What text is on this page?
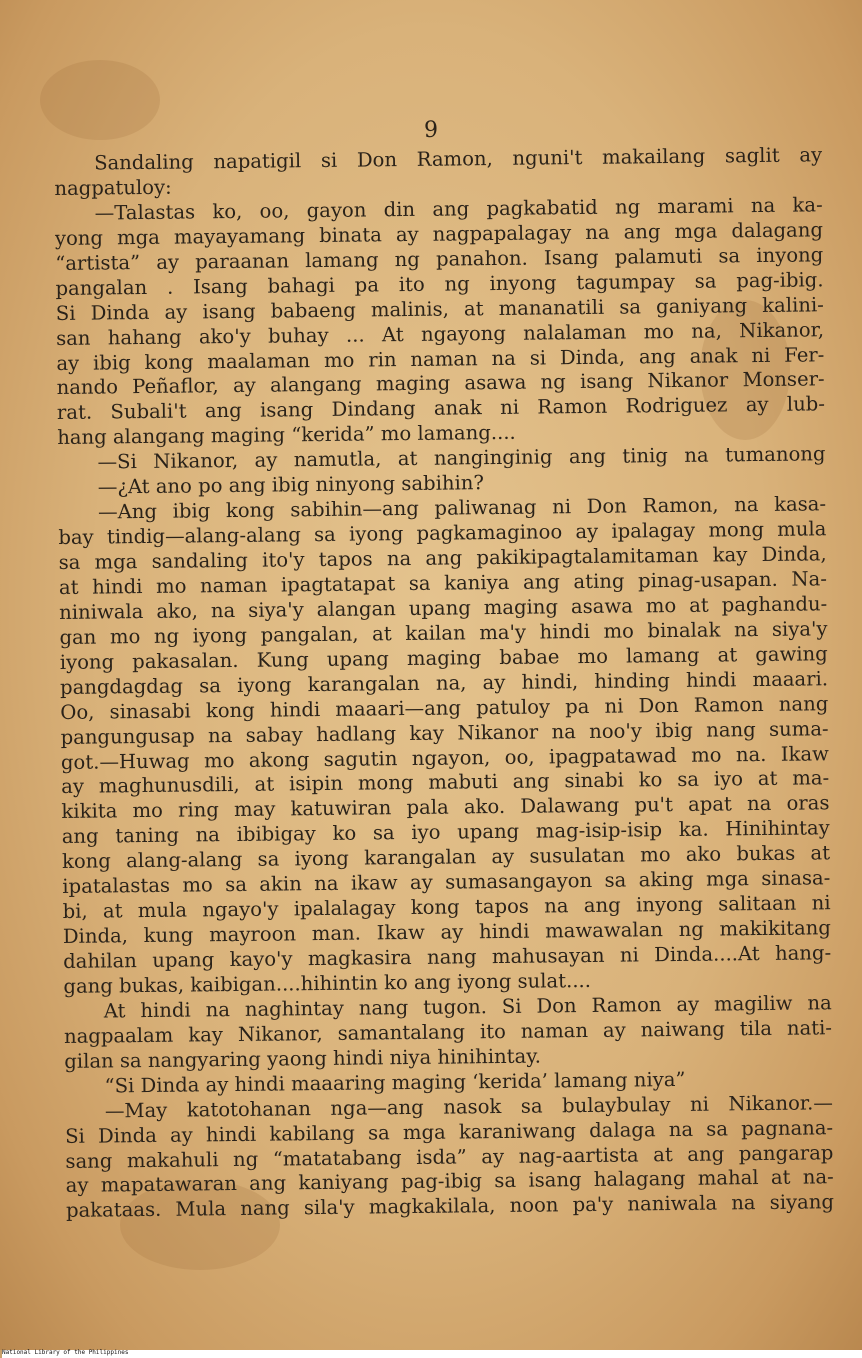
9
Sandaling napatigil si Don Ramon, nguni't makailang saglit ay
nagpatuloy:
—Talastas ko, oo, gayon din ang pagkabatid ng marami na ka-
yong mga mayayamang binata ay nagpapalagay na ang mga dalagang
“artista” ay paraanan lamang ng panahon. Isang palamuti sa inyong
pangalan . Isang bahagi pa ito ng inyong tagumpay sa pag-ibig.
Si Dinda ay isang babaeng malinis, at mananatili sa ganiyang kalini-
san hahang ako'y buhay ... At ngayong nalalaman mo na, Nikanor,
ay ibig kong maalaman mo rin naman na si Dinda, ang anak ni Fer-
nando Peñaflor, ay alangang maging asawa ng isang Nikanor Monser-
rat. Subali't ang isang Dindang anak ni Ramon Rodriguez ay lub-
hang alangang maging “kerida” mo lamang....
—Si Nikanor, ay namutla, at nanginginig ang tinig na tumanong
—¿At ano po ang ibig ninyong sabihin?
—Ang ibig kong sabihin—ang paliwanag ni Don Ramon, na kasa-
bay tindig—alang-alang sa iyong pagkamaginoo ay ipalagay mong mula
sa mga sandaling ito'y tapos na ang pakikipagtalamitaman kay Dinda,
at hindi mo naman ipagtatapat sa kaniya ang ating pinag-usapan. Na-
niniwala ako, na siya'y alangan upang maging asawa mo at paghandu-
gan mo ng iyong pangalan, at kailan ma'y hindi mo binalak na siya'y
iyong pakasalan. Kung upang maging babae mo lamang at gawing
pangdagdag sa iyong karangalan na, ay hindi, hinding hindi maaari.
Oo, sinasabi kong hindi maaari—ang patuloy pa ni Don Ramon nang
pangungusap na sabay hadlang kay Nikanor na noo'y ibig nang suma-
got.—Huwag mo akong sagutin ngayon, oo, ipagpatawad mo na. Ikaw
ay maghunusdili, at isipin mong mabuti ang sinabi ko sa iyo at ma-
kikita mo ring may katuwiran pala ako. Dalawang pu't apat na oras
ang taning na ibibigay ko sa iyo upang mag-isip-isip ka. Hinihintay
kong alang-alang sa iyong karangalan ay susulatan mo ako bukas at
ipatalastas mo sa akin na ikaw ay sumasangayon sa aking mga sinasa-
bi, at mula ngayo'y ipalalagay kong tapos na ang inyong salitaan ni
Dinda, kung mayroon man. Ikaw ay hindi mawawalan ng makikitang
dahilan upang kayo'y magkasira nang mahusayan ni Dinda....At hang-
gang bukas, kaibigan....hihintin ko ang iyong sulat....
At hindi na naghintay nang tugon. Si Don Ramon ay magiliw na
nagpaalam kay Nikanor, samantalang ito naman ay naiwang tila nati-
gilan sa nangyaring yaong hindi niya hinihintay.
“Si Dinda ay hindi maaaring maging ‘kerida’ lamang niya”
—May katotohanan nga—ang nasok sa bulaybulay ni Nikanor.—
Si Dinda ay hindi kabilang sa mga karaniwang dalaga na sa pagnana-
sang makahuli ng “matatabang isda” ay nag-aartista at ang pangarap
ay mapatawaran ang kaniyang pag-ibig sa isang halagang mahal at na-
pakataas. Mula nang sila'y magkakilala, noon pa'y naniwala na siyang
National Library of the Philippines
